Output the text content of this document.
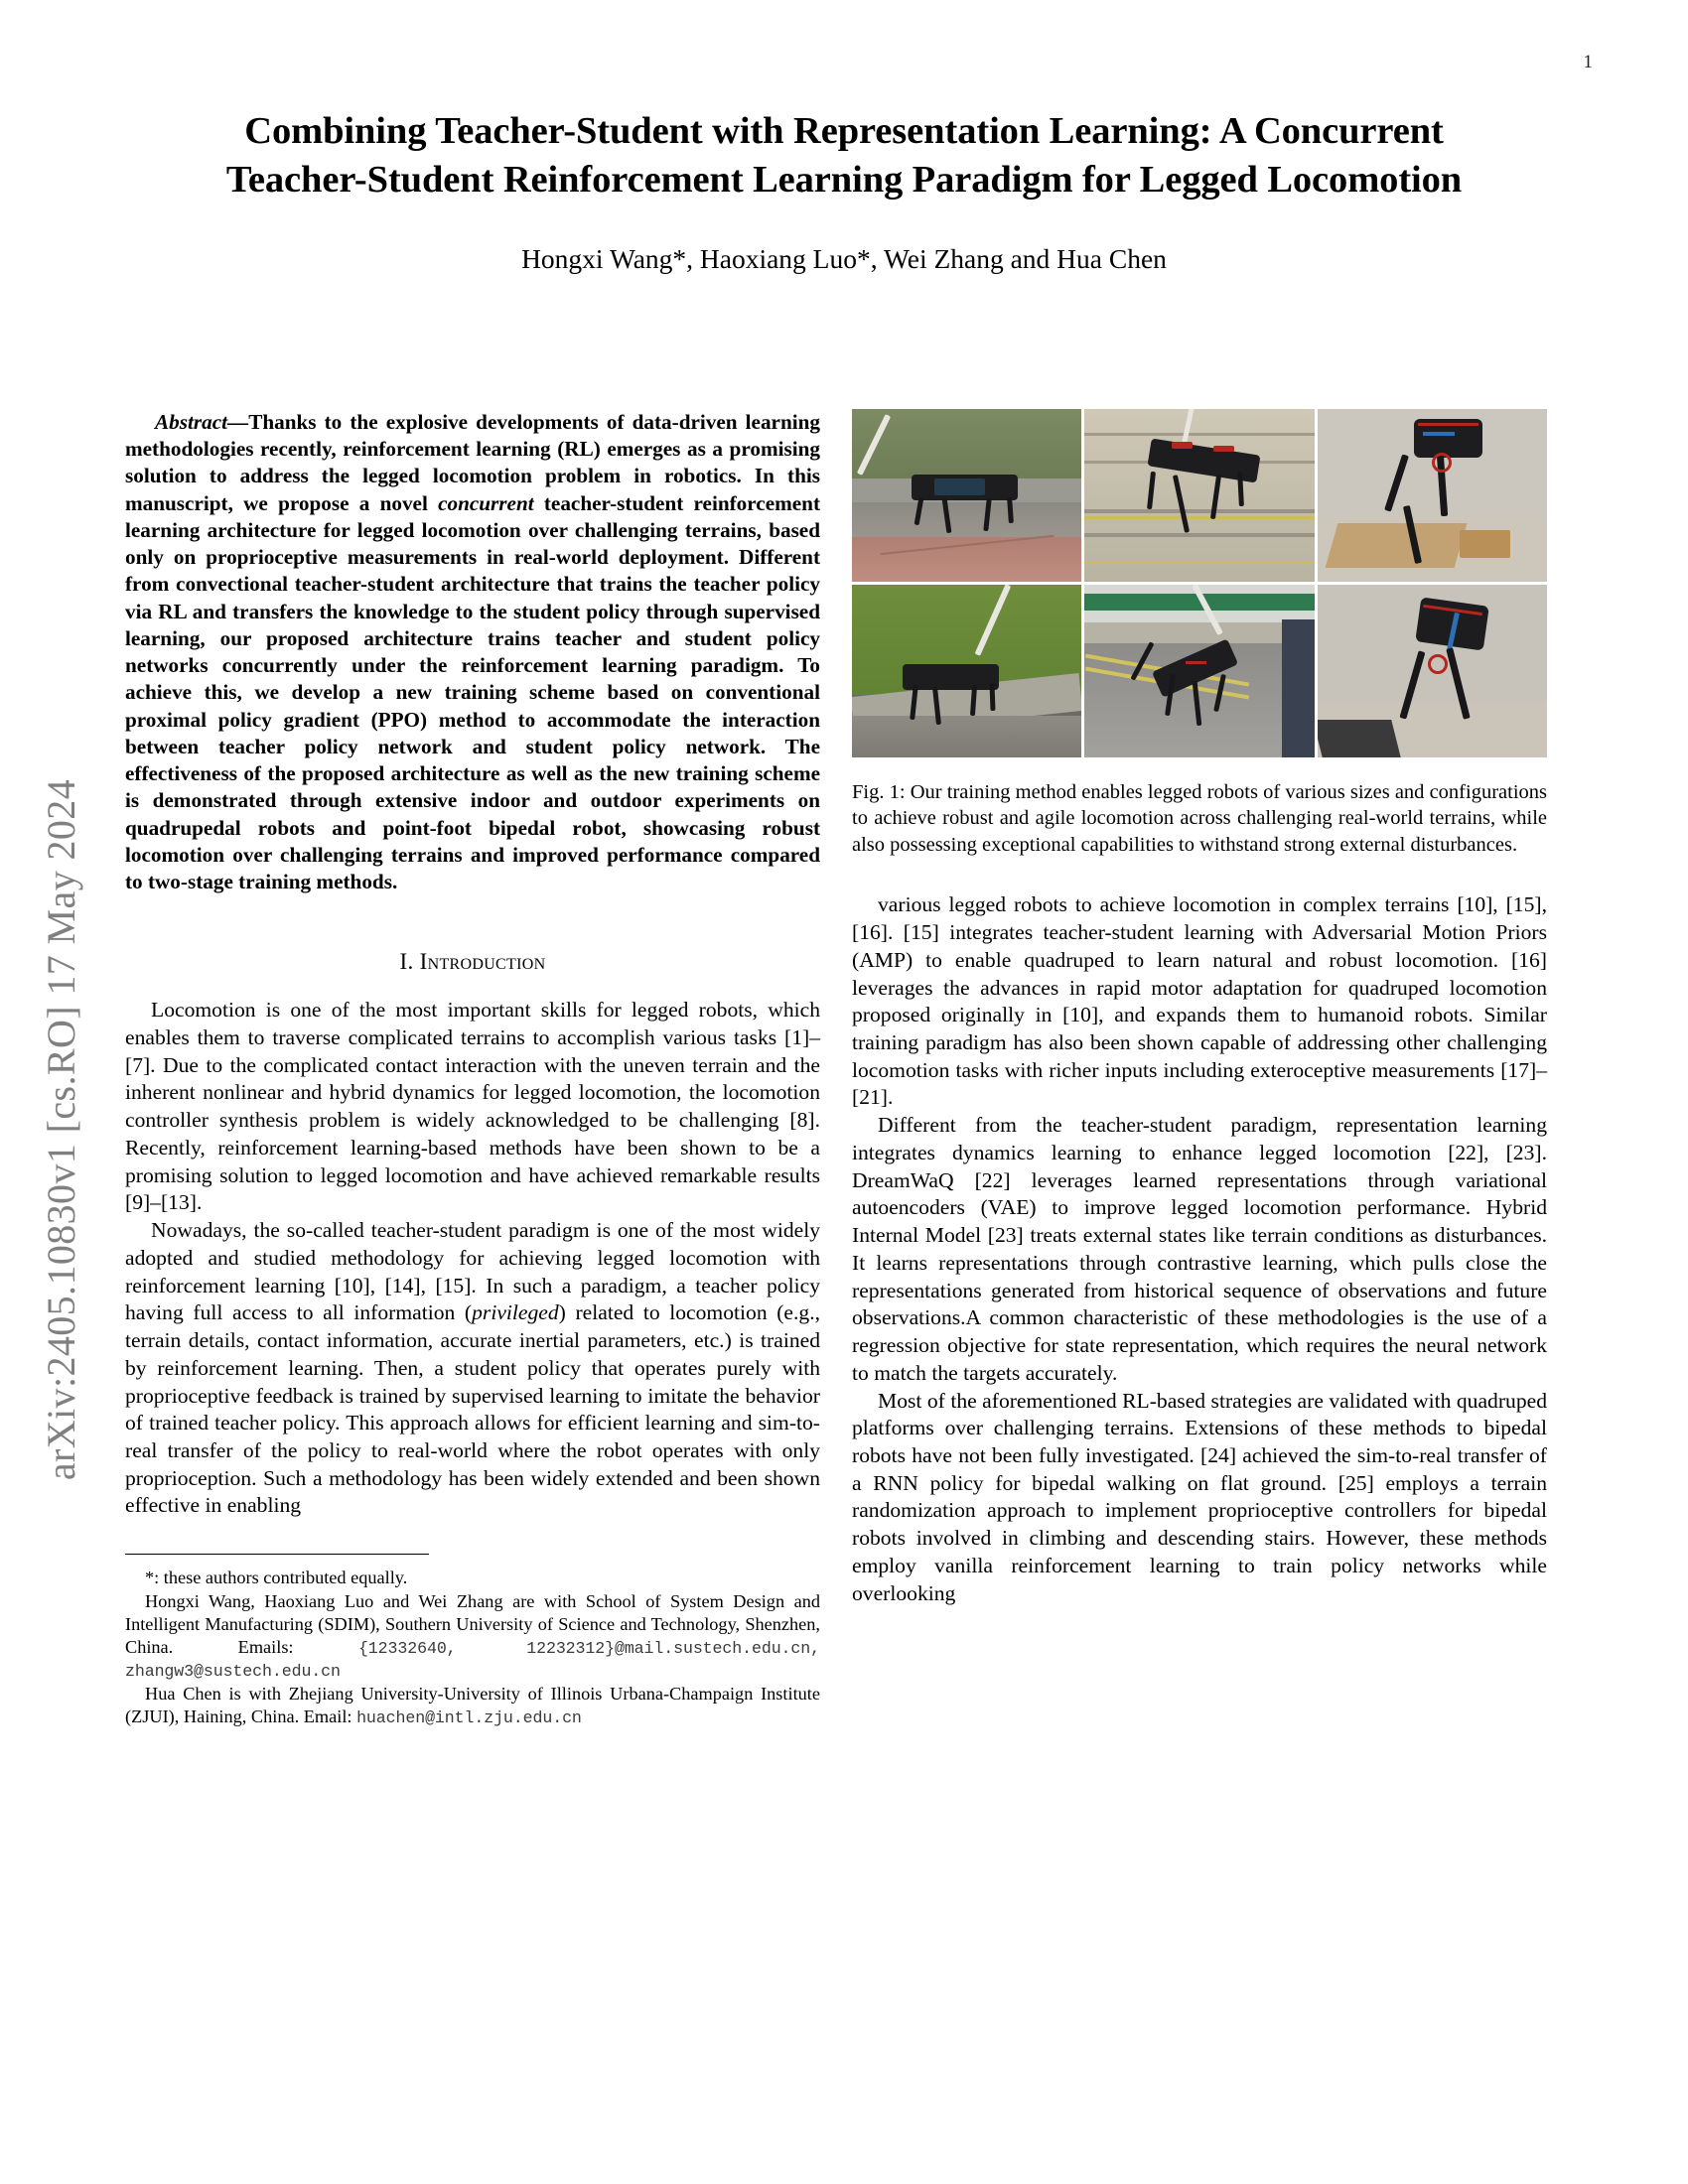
arXiv:2405.10830v1 [cs.RO] 17 May 2024
1
Combining Teacher-Student with Representation Learning: A Concurrent
Teacher-Student Reinforcement Learning Paradigm for Legged Locomotion
Hongxi Wang*, Haoxiang Luo*, Wei Zhang and Hua Chen

Abstract—Thanks to the explosive developments of data-driven learning methodologies recently, reinforcement learning (RL) emerges as a promising solution to address the legged locomotion problem in robotics. In this manuscript, we propose a novel concurrent teacher-student reinforcement learning architecture for legged locomotion over challenging terrains, based only on proprioceptive measurements in real-world deployment. Different from convectional teacher-student architecture that trains the teacher policy via RL and transfers the knowledge to the student policy through supervised learning, our proposed architecture trains teacher and student policy networks concurrently under the reinforcement learning paradigm. To achieve this, we develop a new training scheme based on conventional proximal policy gradient (PPO) method to accommodate the interaction between teacher policy network and student policy network. The effectiveness of the proposed architecture as well as the new training scheme is demonstrated through extensive indoor and outdoor experiments on quadrupedal robots and point-foot bipedal robot, showcasing robust locomotion over challenging terrains and improved performance compared to two-stage training methods.

I. Introduction

Locomotion is one of the most important skills for legged robots, which enables them to traverse complicated terrains to accomplish various tasks [1]–[7]. Due to the complicated contact interaction with the uneven terrain and the inherent nonlinear and hybrid dynamics for legged locomotion, the locomotion controller synthesis problem is widely acknowledged to be challenging [8]. Recently, reinforcement learning-based methods have been shown to be a promising solution to legged locomotion and have achieved remarkable results [9]–[13].

Nowadays, the so-called teacher-student paradigm is one of the most widely adopted and studied methodology for achieving legged locomotion with reinforcement learning [10], [14], [15]. In such a paradigm, a teacher policy having full access to all information (privileged) related to locomotion (e.g., terrain details, contact information, accurate inertial parameters, etc.) is trained by reinforcement learning. Then, a student policy that operates purely with proprioceptive feedback is trained by supervised learning to imitate the behavior of trained teacher policy. This approach allows for efficient learning and sim-to-real transfer of the policy to real-world where the robot operates with only proprioception. Such a methodology has been widely extended and been shown effective in enabling

*: these authors contributed equally.

Hongxi Wang, Haoxiang Luo and Wei Zhang are with School of System Design and Intelligent Manufacturing (SDIM), Southern University of Science and Technology, Shenzhen, China. Emails:	{12332640, 12232312}@mail.sustech.edu.cn, zhangw3@sustech.edu.cn

Hua Chen is with Zhejiang University-University of Illinois Urbana-Champaign Institute (ZJUI), Haining, China. Email: huachen@intl.zju.edu.cn

Fig. 1: Our training method enables legged robots of various sizes and configurations to achieve robust and agile locomotion across challenging real-world terrains, while also possessing exceptional capabilities to withstand strong external disturbances.

various legged robots to achieve locomotion in complex terrains [10], [15], [16]. [15] integrates teacher-student learning with Adversarial Motion Priors (AMP) to enable quadruped to learn natural and robust locomotion. [16] leverages the advances in rapid motor adaptation for quadruped locomotion proposed originally in [10], and expands them to humanoid robots. Similar training paradigm has also been shown capable of addressing other challenging locomotion tasks with richer inputs including exteroceptive measurements [17]–[21].

Different from the teacher-student paradigm, representation learning integrates dynamics learning to enhance legged locomotion [22], [23]. DreamWaQ [22] leverages learned representations through variational autoencoders (VAE) to improve legged locomotion performance. Hybrid Internal Model [23] treats external states like terrain conditions as disturbances. It learns representations through contrastive learning, which pulls close the representations generated from historical sequence of observations and future observations.A common characteristic of these methodologies is the use of a regression objective for state representation, which requires the neural network to match the targets accurately.

Most of the aforementioned RL-based strategies are validated with quadruped platforms over challenging terrains. Extensions of these methods to bipedal robots have not been fully investigated. [24] achieved the sim-to-real transfer of a RNN policy for bipedal walking on flat ground. [25] employs a terrain randomization approach to implement proprioceptive controllers for bipedal robots involved in climbing and descending stairs. However, these methods employ vanilla reinforcement learning to train policy networks while overlooking
